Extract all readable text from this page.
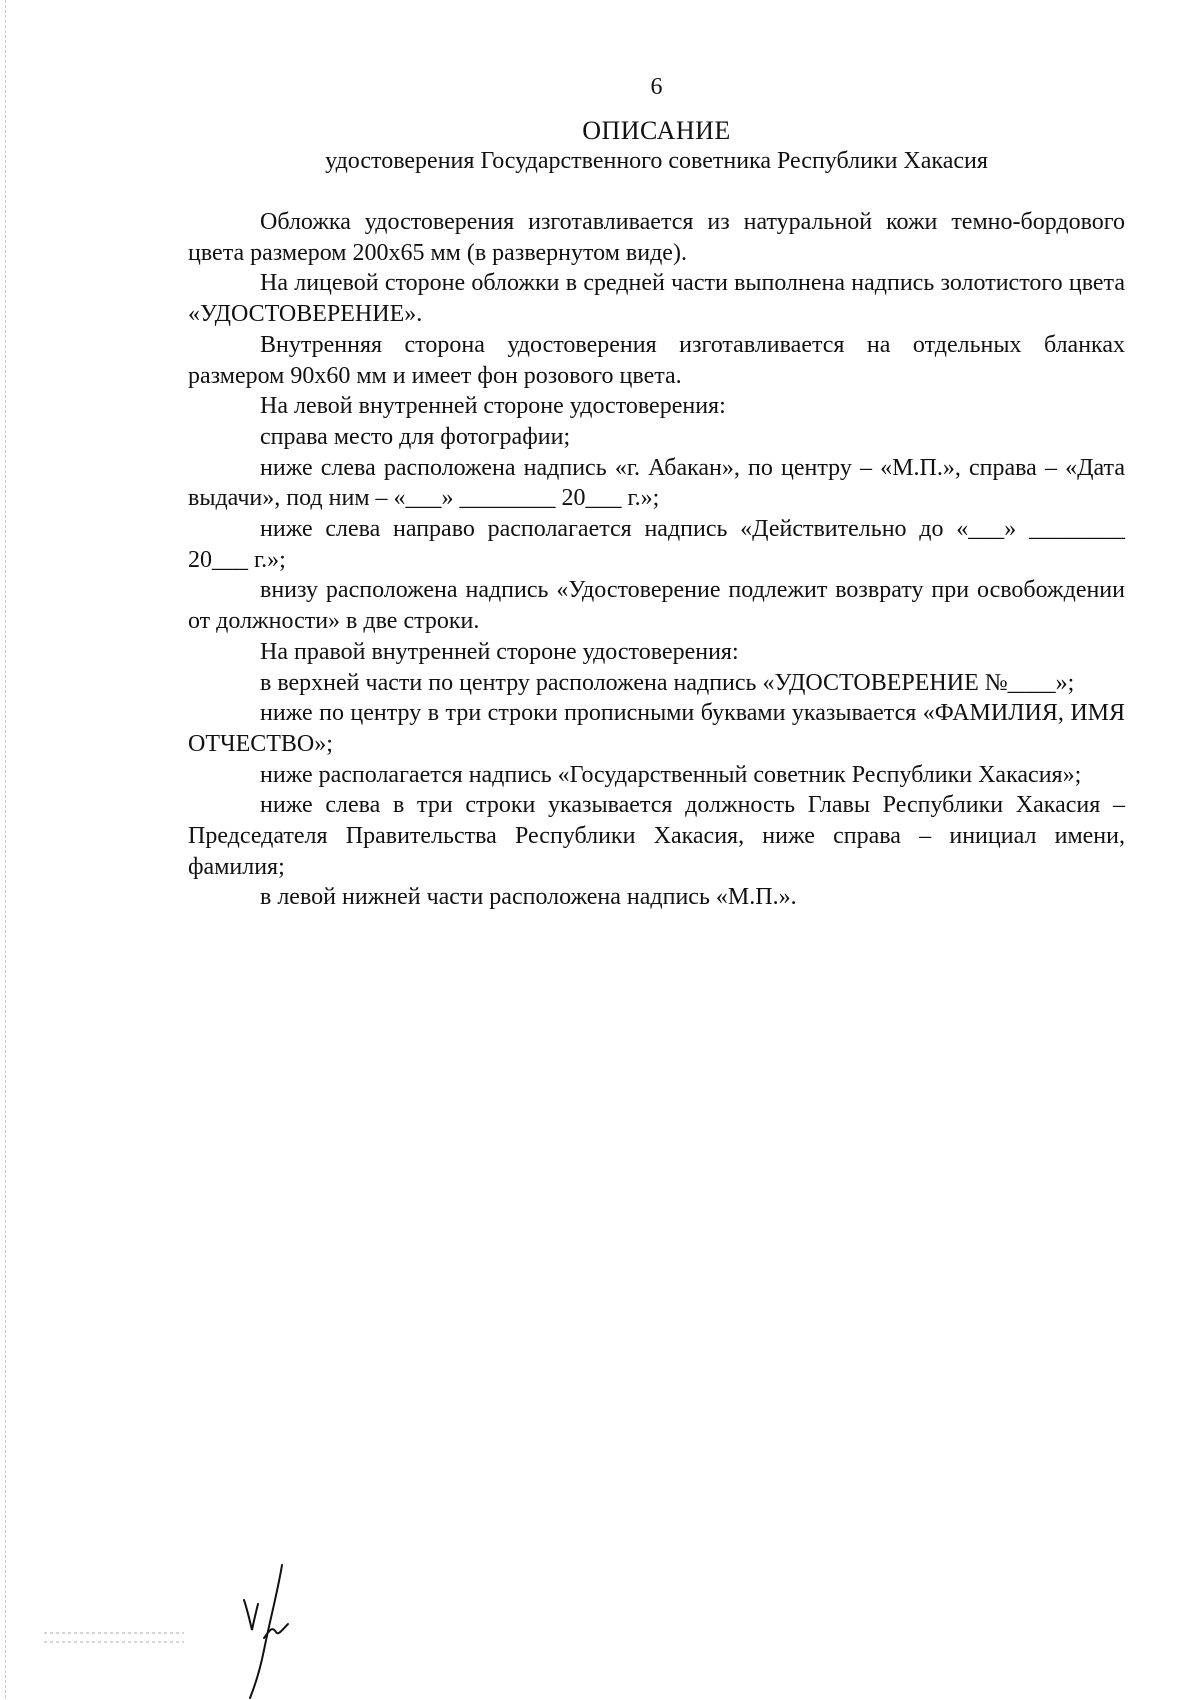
6
ОПИСАНИЕ
удостоверения Государственного советника Республики Хакасия

Обложка удостоверения изготавливается из натуральной кожи темно-бордового цвета размером 200х65 мм (в развернутом виде).

На лицевой стороне обложки в средней части выполнена надпись золотистого цвета «УДОСТОВЕРЕНИЕ».

Внутренняя сторона удостоверения изготавливается на отдельных бланках размером 90х60 мм и имеет фон розового цвета.

На левой внутренней стороне удостоверения:

справа место для фотографии;

ниже слева расположена надпись «г. Абакан», по центру – «М.П.», справа – «Дата выдачи», под ним – «___» ________ 20___ г.»;

ниже слева направо располагается надпись «Действительно до «___» ________ 20___ г.»;

внизу расположена надпись «Удостоверение подлежит возврату при освобождении от должности» в две строки.

На правой внутренней стороне удостоверения:

в верхней части по центру расположена надпись «УДОСТОВЕРЕНИЕ №____»;

ниже по центру в три строки прописными буквами указывается «ФАМИЛИЯ, ИМЯ ОТЧЕСТВО»;

ниже располагается надпись «Государственный советник Республики Хакасия»;

ниже слева в три строки указывается должность Главы Республики Хакасия – Председателя Правительства Республики Хакасия, ниже справа – инициал имени, фамилия;

в левой нижней части расположена надпись «М.П.».
